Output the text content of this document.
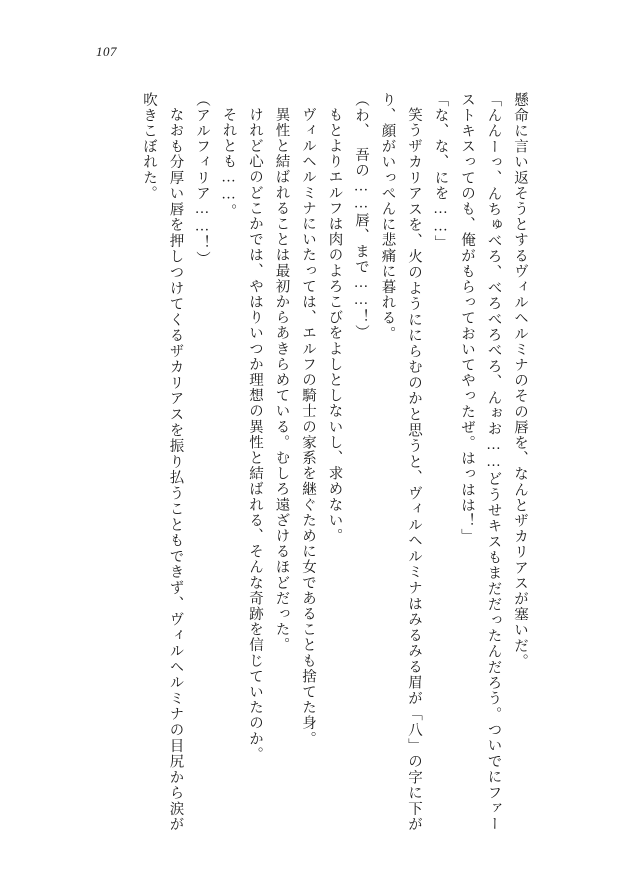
107

懸命に言い返そうとするヴィルヘルミナのその唇を、なんとザカリアスが塞いだ。

「んんーっ、んちゅべろ、べろべろべろ、んぉお……どうせキスもまだだったんだろう。ついでにファーストキスってのも、俺がもらっておいてやったぜ。はっはは！」

「な、な、にを……」

笑うザカリアスを、火のようににらむのかと思うと、ヴィルヘルミナはみるみる眉が「八」の字に下がり、顔がいっぺんに悲痛に暮れる。

（わ、　吾の……唇、まで……！）

もとよりエルフは肉のよろこびをよしとしないし、求めない。

ヴィルヘルミナにいたっては、エルフの騎士の家系を継ぐために女であることも捨てた身。

異性と結ばれることは最初からあきらめている。むしろ遠ざけるほどだった。

けれど心のどこかでは、やはりいつか理想の異性と結ばれる、そんな奇跡を信じていたのか。

それとも……。

（アルフィリア……！）

なおも分厚い唇を押しつけてくるザカリアスを振り払うこともできず、ヴィルヘルミナの目尻から涙が吹きこぼれた。
